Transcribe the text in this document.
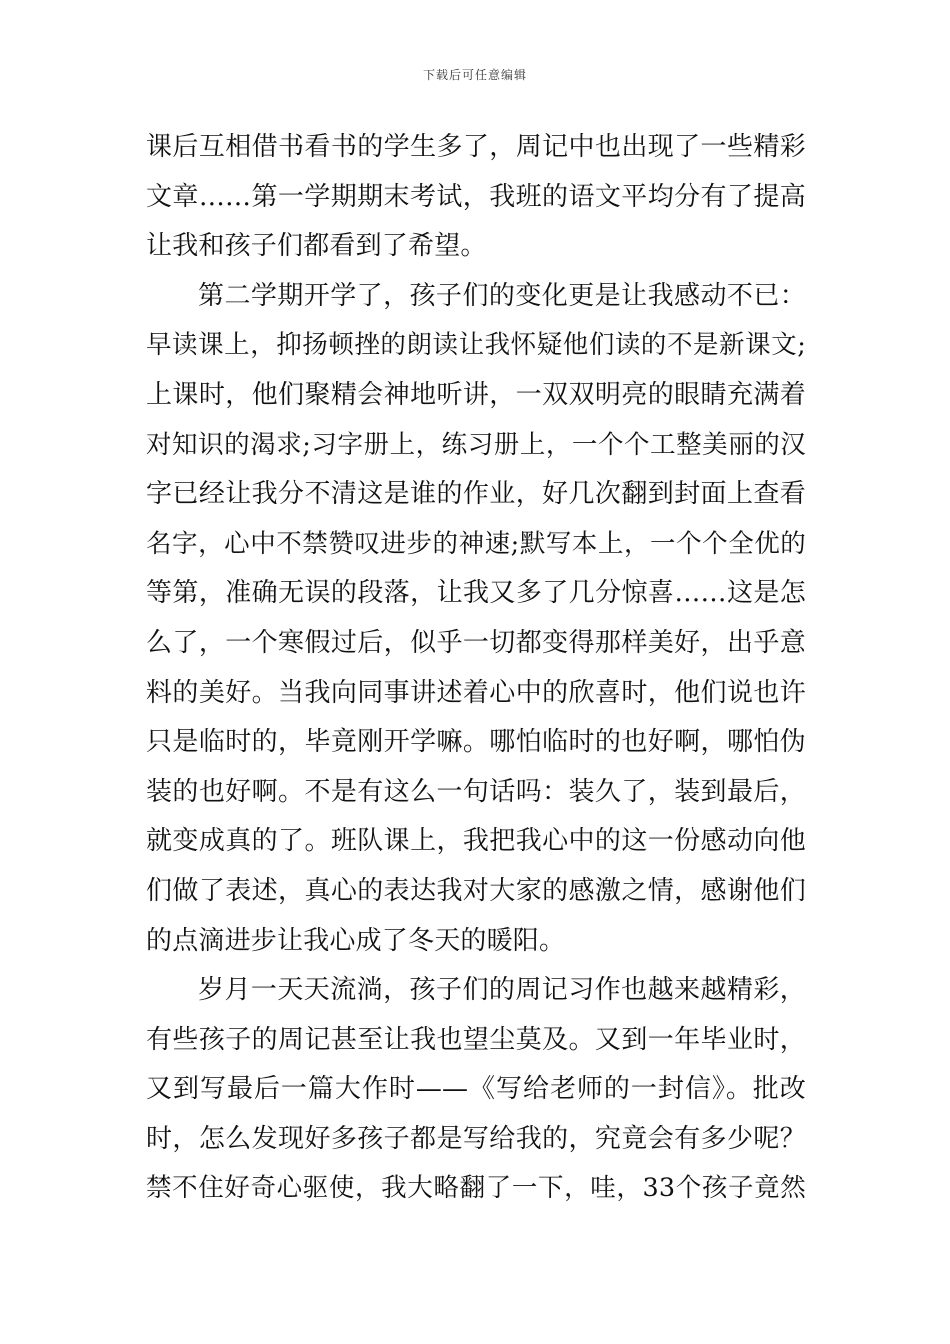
下载后可任意编辑

课后互相借书看书的学生多了，周记中也出现了一些精彩
文章……第一学期期末考试，我班的语文平均分有了提高
让我和孩子们都看到了希望。

第二学期开学了，孩子们的变化更是让我感动不已：
早读课上，抑扬顿挫的朗读让我怀疑他们读的不是新课文;
上课时，他们聚精会神地听讲，一双双明亮的眼睛充满着
对知识的渴求;习字册上，练习册上，一个个工整美丽的汉
字已经让我分不清这是谁的作业，好几次翻到封面上查看
名字，心中不禁赞叹进步的神速;默写本上，一个个全优的
等第，准确无误的段落，让我又多了几分惊喜……这是怎
么了，一个寒假过后，似乎一切都变得那样美好，出乎意
料的美好。当我向同事讲述着心中的欣喜时，他们说也许
只是临时的，毕竟刚开学嘛。哪怕临时的也好啊，哪怕伪
装的也好啊。不是有这么一句话吗：装久了，装到最后，
就变成真的了。班队课上，我把我心中的这一份感动向他
们做了表述，真心的表达我对大家的感激之情，感谢他们
的点滴进步让我心成了冬天的暖阳。

岁月一天天流淌，孩子们的周记习作也越来越精彩，
有些孩子的周记甚至让我也望尘莫及。又到一年毕业时，
又到写最后一篇大作时——《写给老师的一封信》。批改
时，怎么发现好多孩子都是写给我的，究竟会有多少呢？
禁不住好奇心驱使，我大略翻了一下，哇，33个孩子竟然
